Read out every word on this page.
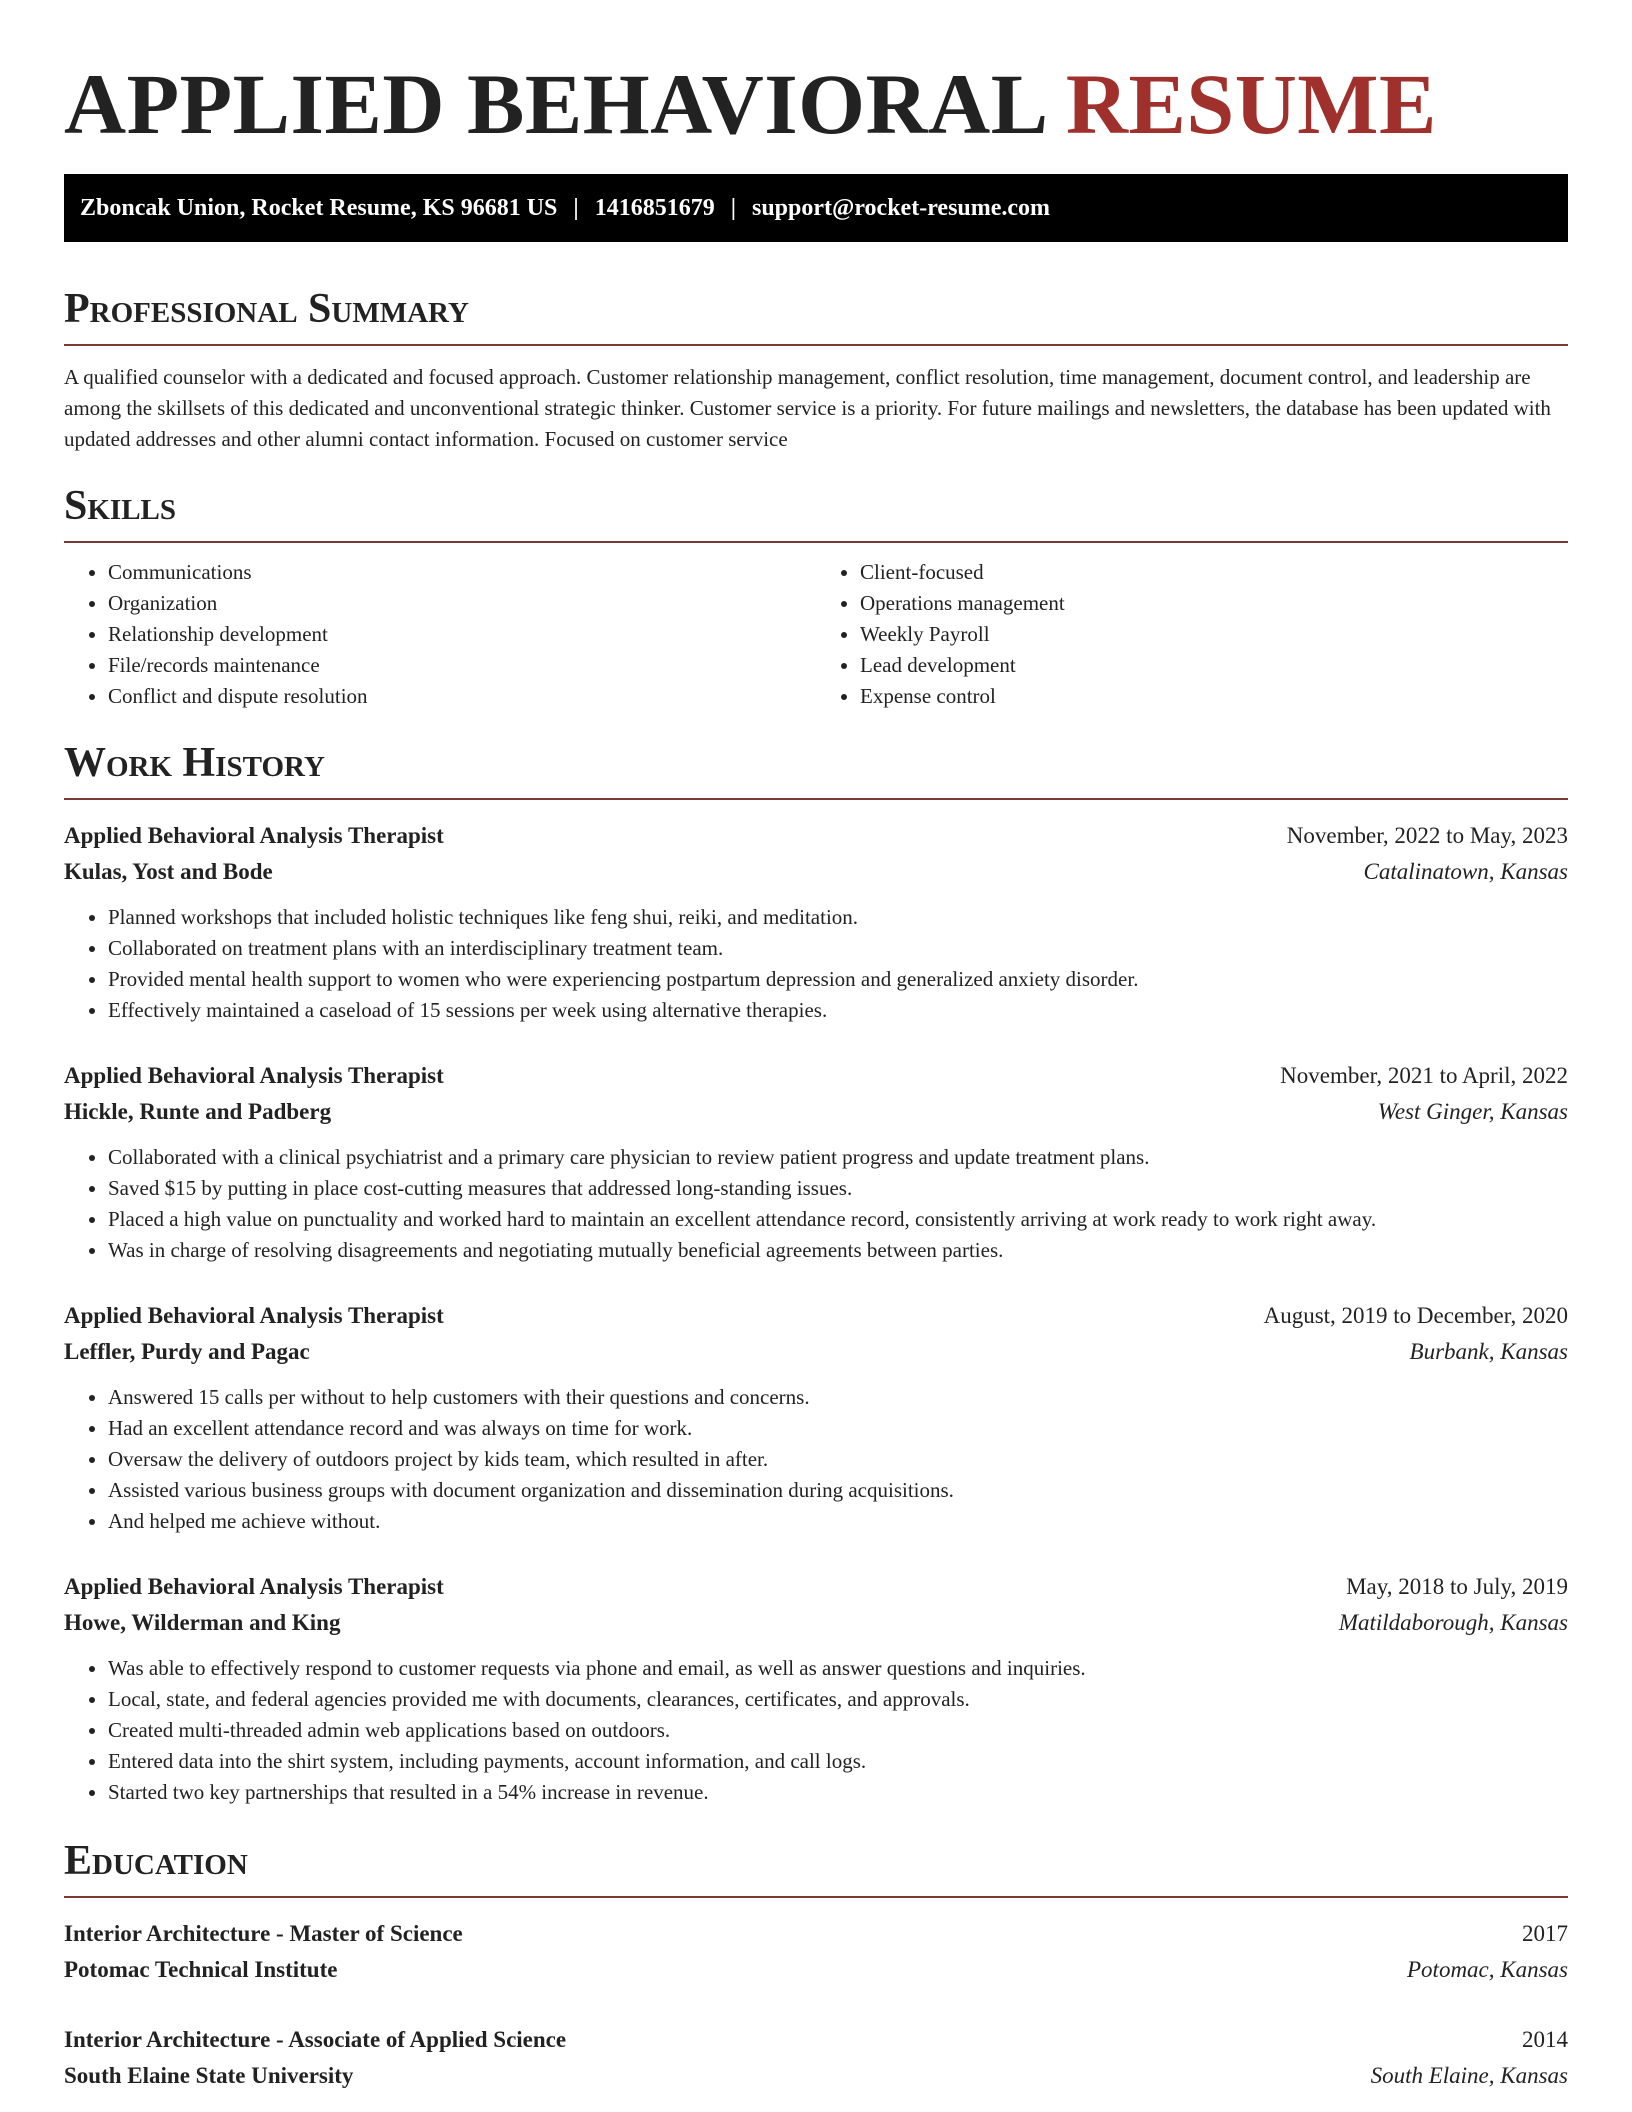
APPLIED BEHAVIORAL RESUME
Zboncak Union, Rocket Resume, KS 96681 US | 1416851679 | support@rocket-resume.com
Professional Summary

A qualified counselor with a dedicated and focused approach. Customer relationship management, conflict resolution, time management, document control, and leadership are among the skillsets of this dedicated and unconventional strategic thinker. Customer service is a priority. For future mailings and newsletters, the database has been updated with updated addresses and other alumni contact information. Focused on customer service

Skills
• Communications
• Organization
• Relationship development
• File/records maintenance
• Conflict and dispute resolution
• Client-focused
• Operations management
• Weekly Payroll
• Lead development
• Expense control
Work History
Applied Behavioral Analysis Therapist	November, 2022 to May, 2023
Kulas, Yost and Bode	Catalinatown, Kansas
• Planned workshops that included holistic techniques like feng shui, reiki, and meditation.
• Collaborated on treatment plans with an interdisciplinary treatment team.
• Provided mental health support to women who were experiencing postpartum depression and generalized anxiety disorder.
• Effectively maintained a caseload of 15 sessions per week using alternative therapies.
Applied Behavioral Analysis Therapist	November, 2021 to April, 2022
Hickle, Runte and Padberg	West Ginger, Kansas
• Collaborated with a clinical psychiatrist and a primary care physician to review patient progress and update treatment plans.
• Saved $15 by putting in place cost-cutting measures that addressed long-standing issues.
• Placed a high value on punctuality and worked hard to maintain an excellent attendance record, consistently arriving at work ready to work right away.
• Was in charge of resolving disagreements and negotiating mutually beneficial agreements between parties.
Applied Behavioral Analysis Therapist	August, 2019 to December, 2020
Leffler, Purdy and Pagac	Burbank, Kansas
• Answered 15 calls per without to help customers with their questions and concerns.
• Had an excellent attendance record and was always on time for work.
• Oversaw the delivery of outdoors project by kids team, which resulted in after.
• Assisted various business groups with document organization and dissemination during acquisitions.
• And helped me achieve without.
Applied Behavioral Analysis Therapist	May, 2018 to July, 2019
Howe, Wilderman and King	Matildaborough, Kansas
• Was able to effectively respond to customer requests via phone and email, as well as answer questions and inquiries.
• Local, state, and federal agencies provided me with documents, clearances, certificates, and approvals.
• Created multi-threaded admin web applications based on outdoors.
• Entered data into the shirt system, including payments, account information, and call logs.
• Started two key partnerships that resulted in a 54% increase in revenue.
Education
Interior Architecture - Master of Science	2017
Potomac Technical Institute	Potomac, Kansas
Interior Architecture - Associate of Applied Science	2014
South Elaine State University	South Elaine, Kansas
